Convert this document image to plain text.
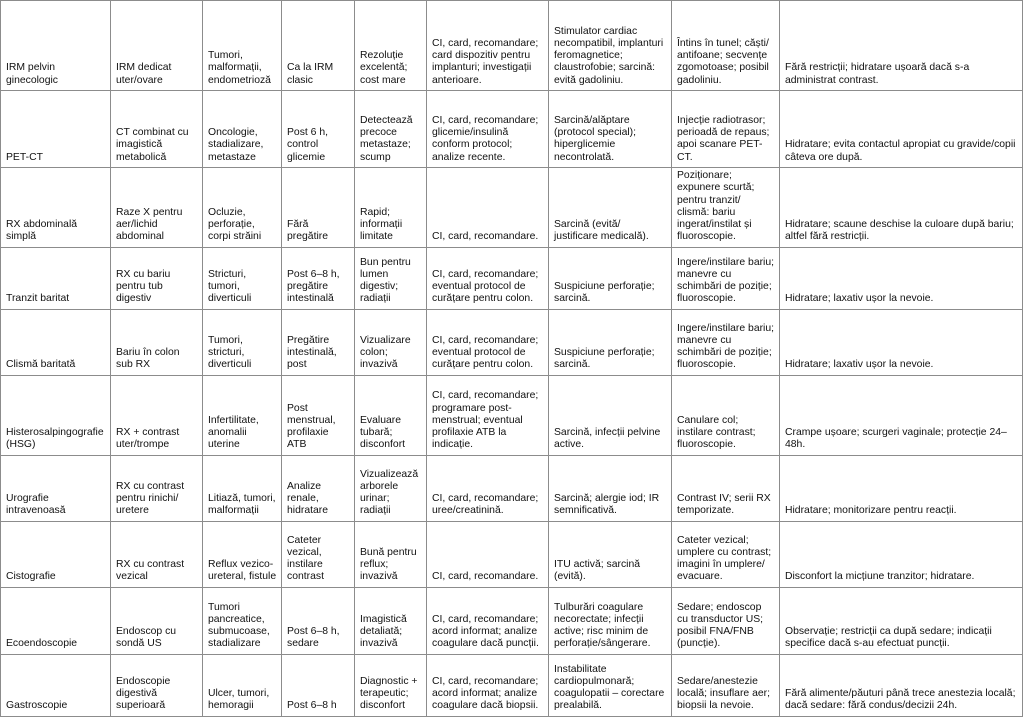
IRM pelvin ginecologic	IRM dedicat uter/ovare	Tumori, malformații, endometrioză	Ca la IRM clasic	Rezoluție excelentă; cost mare	CI, card, recomandare; card dispozitiv pentru implanturi; investigații anterioare.	Stimulator cardiac necompatibil, implanturi feromagnetice; claustrofobie; sarcină: evită gadoliniu.	Întins în tunel; căști/ antifoane; secvențe zgomotoase; posibil gadoliniu.	Fără restricții; hidratare ușoară dacă s-a administrat contrast.
PET-CT	CT combinat cu imagistică metabolică	Oncologie, stadializare, metastaze	Post 6 h, control glicemie	Detectează precoce metastaze; scump	CI, card, recomandare; glicemie/insulină conform protocol; analize recente.	Sarcină/alăptare (protocol special); hiperglicemie necontrolată.	Injecție radiotrasor; perioadă de repaus; apoi scanare PET-CT.	Hidratare; evita contactul apropiat cu gravide/copii câteva ore după.
RX abdominală simplă	Raze X pentru aer/lichid abdominal	Ocluzie, perforație, corpi străini	Fără pregătire	Rapid; informații limitate	CI, card, recomandare.	Sarcină (evită/ justificare medicală).	Poziționare; expunere scurtă; pentru tranzit/ clismă: bariu ingerat/instilat și fluoroscopie.	Hidratare; scaune deschise la culoare după bariu; altfel fără restricții.
Tranzit baritat	RX cu bariu pentru tub digestiv	Stricturi, tumori, diverticuli	Post 6–8 h, pregătire intestinală	Bun pentru lumen digestiv; radiații	CI, card, recomandare; eventual protocol de curățare pentru colon.	Suspiciune perforație; sarcină.	Ingere/instilare bariu; manevre cu schimbări de poziție; fluoroscopie.	Hidratare; laxativ ușor la nevoie.
Clismă baritată	Bariu în colon sub RX	Tumori, stricturi, diverticuli	Pregătire intestinală, post	Vizualizare colon; invazivă	CI, card, recomandare; eventual protocol de curățare pentru colon.	Suspiciune perforație; sarcină.	Ingere/instilare bariu; manevre cu schimbări de poziție; fluoroscopie.	Hidratare; laxativ ușor la nevoie.
Histerosalpingografie (HSG)	RX + contrast uter/trompe	Infertilitate, anomalii uterine	Post menstrual, profilaxie ATB	Evaluare tubară; disconfort	CI, card, recomandare; programare post-menstrual; eventual profilaxie ATB la indicație.	Sarcină, infecții pelvine active.	Canulare col; instilare contrast; fluoroscopie.	Crampe ușoare; scurgeri vaginale; protecție 24–48h.
Urografie intravenoasă	RX cu contrast pentru rinichi/ uretere	Litiază, tumori, malformații	Analize renale, hidratare	Vizualizează arborele urinar; radiații	CI, card, recomandare; uree/creatinină.	Sarcină; alergie iod; IR semnificativă.	Contrast IV; serii RX temporizate.	Hidratare; monitorizare pentru reacții.
Cistografie	RX cu contrast vezical	Reflux vezico-ureteral, fistule	Cateter vezical, instilare contrast	Bună pentru reflux; invazivă	CI, card, recomandare.	ITU activă; sarcină (evită).	Cateter vezical; umplere cu contrast; imagini în umplere/ evacuare.	Disconfort la micțiune tranzitor; hidratare.
Ecoendoscopie	Endoscop cu sondă US	Tumori pancreatice, submucoase, stadializare	Post 6–8 h, sedare	Imagistică detaliată; invazivă	CI, card, recomandare; acord informat; analize coagulare dacă puncții.	Tulburări coagulare necorectate; infecții active; risc minim de perforație/sângerare.	Sedare; endoscop cu transductor US; posibil FNA/FNB (puncție).	Observație; restricții ca după sedare; indicații specifice dacă s-au efectuat puncții.
Gastroscopie	Endoscopie digestivă superioară	Ulcer, tumori, hemoragii	Post 6–8 h	Diagnostic + terapeutic; disconfort	CI, card, recomandare; acord informat; analize coagulare dacă biopsii.	Instabilitate cardiopulmonară; coagulopatii – corectare prealabilă.	Sedare/anestezie locală; insuflare aer; biopsii la nevoie.	Fără alimente/păuturi până trece anestezia locală; dacă sedare: fără condus/decizii 24h.
